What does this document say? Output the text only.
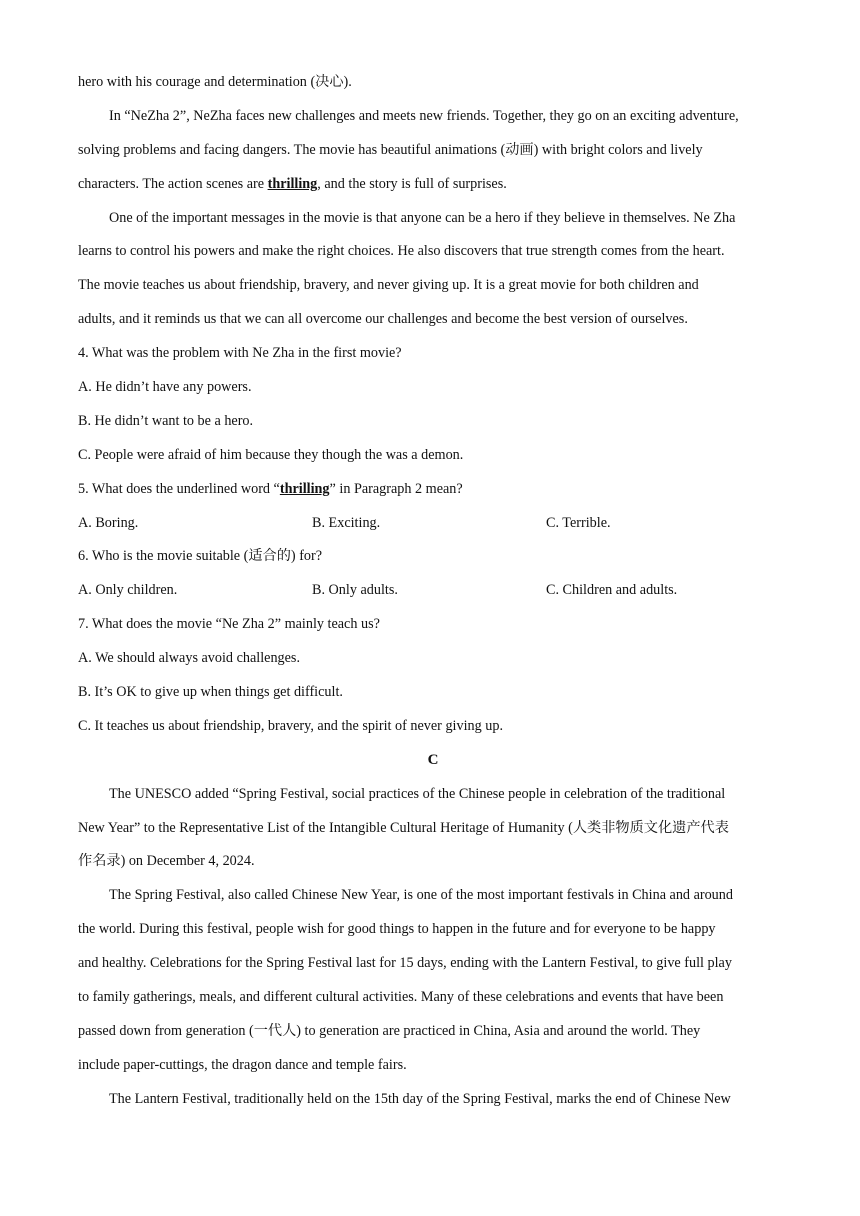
hero with his courage and determination (决心).
In “NeZha 2”, NeZha faces new challenges and meets new friends. Together, they go on an exciting adventure,
solving problems and facing dangers. The movie has beautiful animations (动画) with bright colors and lively
characters. The action scenes are thrilling, and the story is full of surprises.
One of the important messages in the movie is that anyone can be a hero if they believe in themselves. Ne Zha
learns to control his powers and make the right choices. He also discovers that true strength comes from the heart.
The movie teaches us about friendship, bravery, and never giving up. It is a great movie for both children and
adults, and it reminds us that we can all overcome our challenges and become the best version of ourselves.
4. What was the problem with Ne Zha in the first movie?
A. He didn’t have any powers.
B. He didn’t want to be a hero.
C. People were afraid of him because they though the was a demon.
5. What does the underlined word “thrilling” in Paragraph 2 mean?
A. Boring.	B. Exciting.	C. Terrible.
6. Who is the movie suitable (适合的) for?
A. Only children.	B. Only adults.	C. Children and adults.
7. What does the movie “Ne Zha 2” mainly teach us?
A. We should always avoid challenges.
B. It’s OK to give up when things get difficult.
C. It teaches us about friendship, bravery, and the spirit of never giving up.
C
The UNESCO added “Spring Festival, social practices of the Chinese people in celebration of the traditional
New Year” to the Representative List of the Intangible Cultural Heritage of Humanity (人类非物质文化遗产代表
作名录) on December 4, 2024.
The Spring Festival, also called Chinese New Year, is one of the most important festivals in China and around
the world. During this festival, people wish for good things to happen in the future and for everyone to be happy
and healthy. Celebrations for the Spring Festival last for 15 days, ending with the Lantern Festival, to give full play
to family gatherings, meals, and different cultural activities. Many of these celebrations and events that have been
passed down from generation (一代人) to generation are practiced in China, Asia and around the world. They
include paper-cuttings, the dragon dance and temple fairs.
The Lantern Festival, traditionally held on the 15th day of the Spring Festival, marks the end of Chinese New
